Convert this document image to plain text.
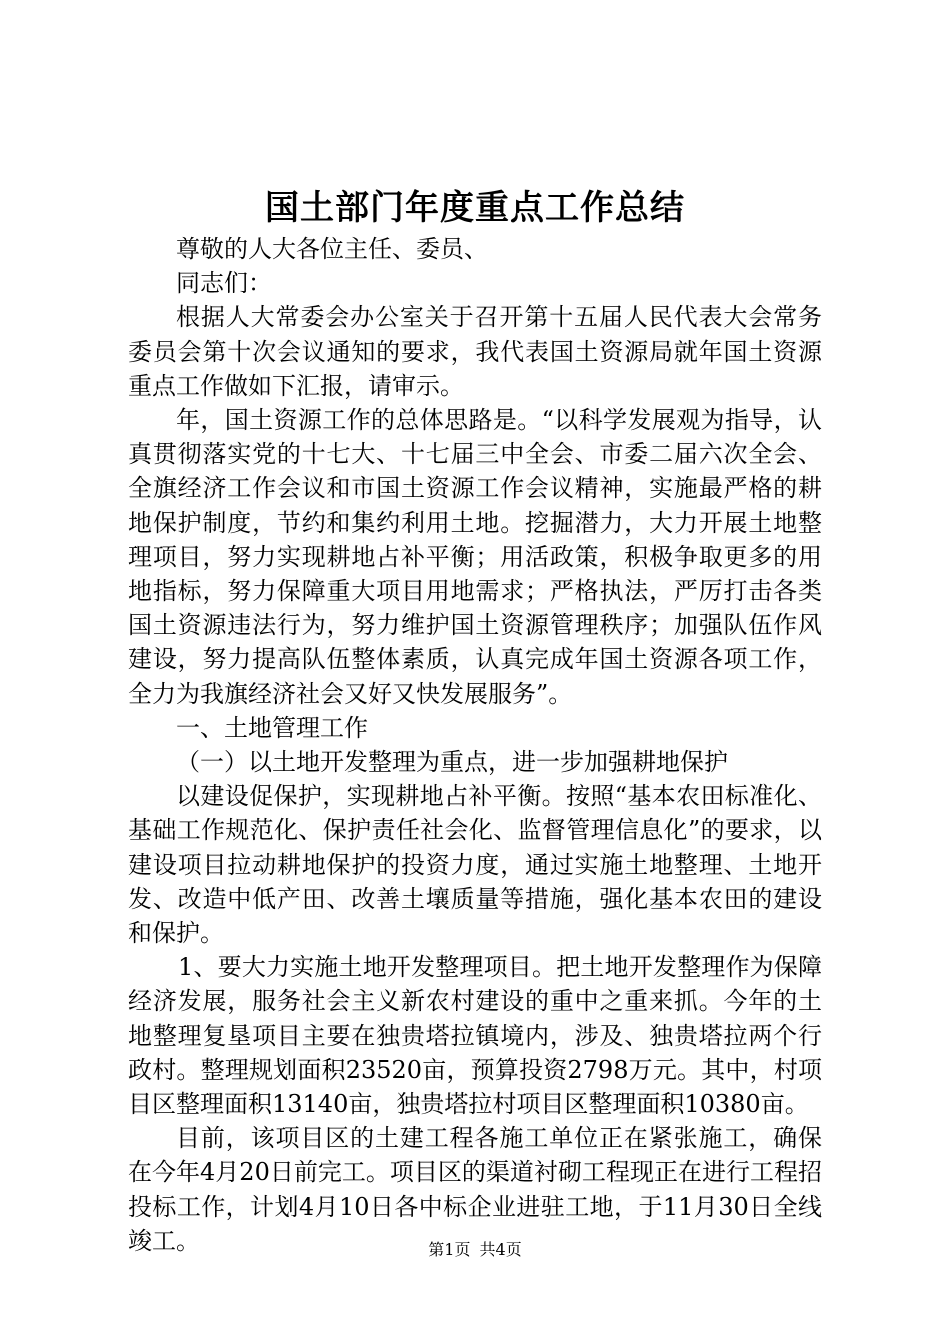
国土部门年度重点工作总结

尊敬的人大各位主任、委员、

同志们：

根据人大常委会办公室关于召开第十五届人民代表大会常务委员会第十次会议通知的要求，我代表国土资源局就年国土资源重点工作做如下汇报，请审示。

年，国土资源工作的总体思路是。“以科学发展观为指导，认真贯彻落实党的十七大、十七届三中全会、市委二届六次全会、全旗经济工作会议和市国土资源工作会议精神，实施最严格的耕地保护制度，节约和集约利用土地。挖掘潜力，大力开展土地整理项目，努力实现耕地占补平衡；用活政策，积极争取更多的用地指标，努力保障重大项目用地需求；严格执法，严厉打击各类国土资源违法行为，努力维护国土资源管理秩序；加强队伍作风建设，努力提高队伍整体素质，认真完成年国土资源各项工作，全力为我旗经济社会又好又快发展服务”。

一、土地管理工作

（一）以土地开发整理为重点，进一步加强耕地保护

以建设促保护，实现耕地占补平衡。按照“基本农田标准化、基础工作规范化、保护责任社会化、监督管理信息化”的要求，以建设项目拉动耕地保护的投资力度，通过实施土地整理、土地开发、改造中低产田、改善土壤质量等措施，强化基本农田的建设和保护。

1、要大力实施土地开发整理项目。把土地开发整理作为保障经济发展，服务社会主义新农村建设的重中之重来抓。今年的土地整理复垦项目主要在独贵塔拉镇境内，涉及、独贵塔拉两个行政村。整理规划面积23520亩，预算投资2798万元。其中，村项目区整理面积13140亩，独贵塔拉村项目区整理面积10380亩。

目前，该项目区的土建工程各施工单位正在紧张施工，确保在今年4月20日前完工。项目区的渠道衬砌工程现正在进行工程招投标工作，计划4月10日各中标企业进驻工地，于11月30日全线竣工。	第1页 共4页
